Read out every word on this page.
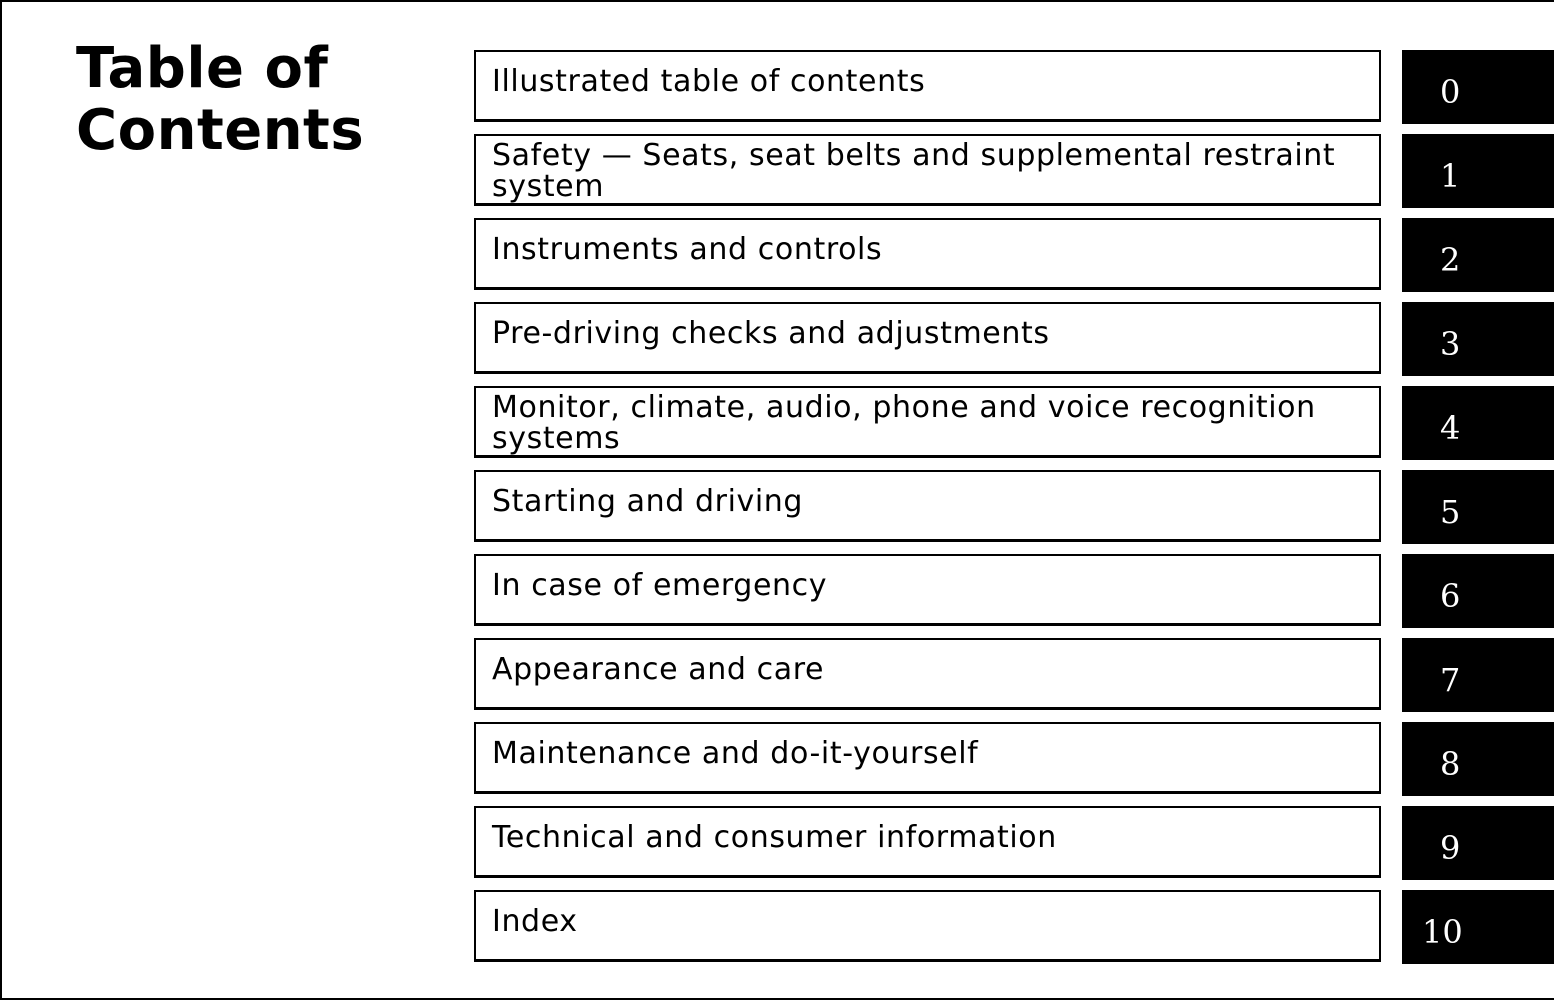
Table of
Contents
Illustrated table of contents	0
Safety — Seats, seat belts and supplemental restraint system	1
Instruments and controls	2
Pre-driving checks and adjustments	3
Monitor, climate, audio, phone and voice recognition systems	4
Starting and driving	5
In case of emergency	6
Appearance and care	7
Maintenance and do-it-yourself	8
Technical and consumer information	9
Index	10
